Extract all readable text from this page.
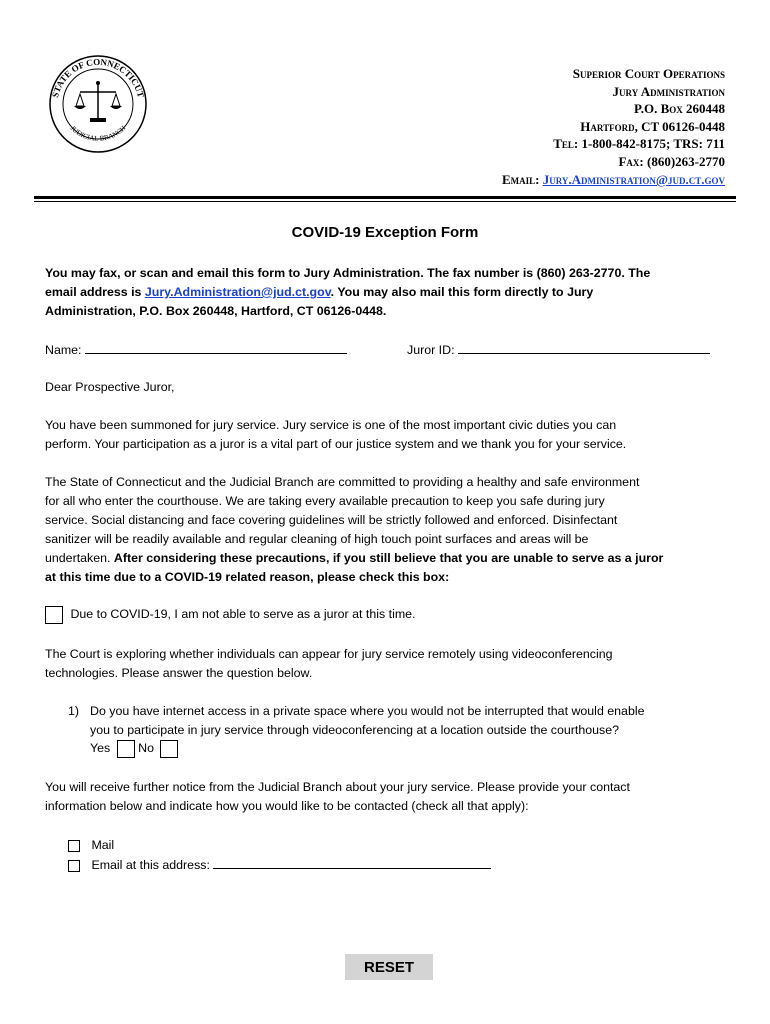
STATE OF CONNECTICUT
JUDICIAL BRANCH
Superior Court Operations
Jury Administration
P.O. Box 260448
Hartford, CT 06126-0448
Tel: 1-800-842-8175; TRS: 711
Fax: (860)263-2770
Email: Jury.Administration@jud.ct.gov
COVID-19 Exception Form
You may fax, or scan and email this form to Jury Administration. The fax number is (860) 263-2770. The
email address is Jury.Administration@jud.ct.gov. You may also mail this form directly to Jury
Administration, P.O. Box 260448, Hartford, CT 06126-0448.
Name:	Juror ID:
Dear Prospective Juror,
You have been summoned for jury service. Jury service is one of the most important civic duties you can
perform. Your participation as a juror is a vital part of our justice system and we thank you for your service.
The State of Connecticut and the Judicial Branch are committed to providing a healthy and safe environment
for all who enter the courthouse. We are taking every available precaution to keep you safe during jury
service. Social distancing and face covering guidelines will be strictly followed and enforced. Disinfectant
sanitizer will be readily available and regular cleaning of high touch point surfaces and areas will be
undertaken. After considering these precautions, if you still believe that you are unable to serve as a juror
at this time due to a COVID-19 related reason, please check this box:
Due to COVID-19, I am not able to serve as a juror at this time.
The Court is exploring whether individuals can appear for jury service remotely using videoconferencing
technologies. Please answer the question below.
1) Do you have internet access in a private space where you would not be interrupted that would enable
you to participate in jury service through videoconferencing at a location outside the courthouse?
Yes No
You will receive further notice from the Judicial Branch about your jury service. Please provide your contact
information below and indicate how you would like to be contacted (check all that apply):
Mail
Email at this address:
RESET
